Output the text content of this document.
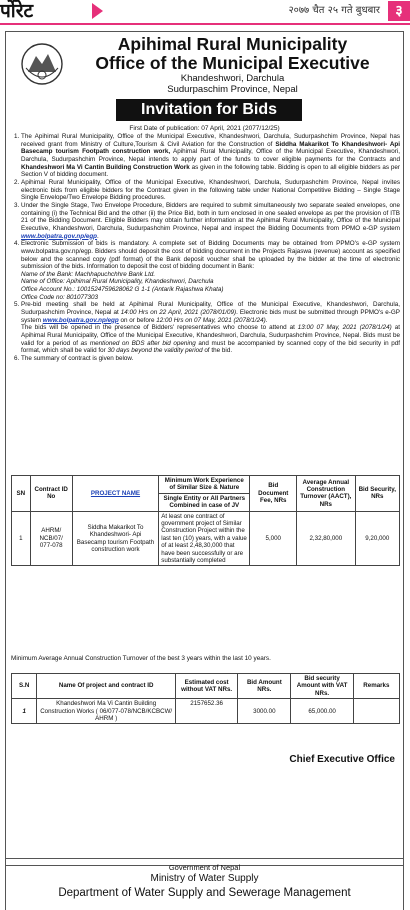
र्पोरेट	२०७७ चैत २५ गते बुधबार	३
Apihimal Rural Municipality
Office of the Municipal Executive
Khandeshwori, Darchula
Sudurpaschim Province, Nepal
Invitation for Bids
First Date of publication: 07 April, 2021 (2077/12/25)
1. The Apihimal Rural Municipality, Office of the Municipal Executive, Khandeshwori, Darchula, Sudurpashchim Province, Nepal has received grant from Ministry of Culture,Tourism & Civil Aviation for the Construction of Siddha Makarikot To Khandeshwori- Api Basecamp tourism Footpath construction work, Apihimal Rural Municipality, Office of the Municipal Executive, Khandeshwori, Darchula, Sudurpashchim Province, Nepal intends to apply part of the funds to cover eligible payments for the Contracts and Khandeshwori Ma Vi Cantin Building Construction Work as given in the following table. Bidding is open to all eligible bidders as per Section V of bidding document.
2. Apihimal Rural Municipality, Office of the Municipal Executive, Khandeshwori, Darchula, Sudurpashchim Province, Nepal invites electronic bids from eligible bidders for the Contract given in the following table under National Competitive Bidding – Single Stage Single Envelope/Two Envelope Bidding procedures.
3. Under the Single Stage, Two Envelope Procedure, Bidders are required to submit simultaneously two separate sealed envelopes, one containing (i) the Technical Bid and the other (ii) the Price Bid, both in turn enclosed in one sealed envelope as per the provision of ITB 21 of the Bidding Document. Eligible Bidders may obtain further information at the Apihimal Rural Municipality, Office of the Municipal Executive, Khandeshwori, Darchula, Sudurpashchim Province, Nepal and inspect the Bidding Documents from PPMO e-GP system www.bolpatra.gov.np/egp.
4. Electronic Submission of bids is mandatory. A complete set of Bidding Documents may be obtained from PPMO's e-GP system www.bolpatra.gov.np/egp. Bidders should deposit the cost of bidding document in the Projects Rajaswa (revenue) account as specified below and the scanned copy (pdf format) of the Bank deposit voucher shall be uploaded by the bidder at the time of electronic submission of the bids. Information to deposit the cost of bidding document in Bank:

Name of the Bank: Machhapuchchhre Bank Ltd.

Name of Office: Apihimal Rural Municipality, Khandeshwori, Darchula

Office Account No.: 1001524759628062 G 1-1 (Antarik Rajashwa Khata)

Office Code no: 801077303

5. Pre-bid meeting shall be held at Apihimal Rural Municipality, Office of the Municipal Executive, Khandeshwori, Darchula, Sudurpashchim Province, Nepal at 14:00 Hrs on 22 April, 2021 (2078/01/09). Electronic bids must be submitted through PPMO's e-GP system www.bolpatra.gov.np/egp on or before 12:00 Hrs on 07 May, 2021 (2078/1/24).

The bids will be opened in the presence of Bidders' representatives who choose to attend at 13:00 07 May, 2021 (2078/1/24) at Apihimal Rural Municipality, Office of the Municipal Executive, Khandeshwori, Darchula, Sudurpashchim Province, Nepal. Bids must be valid for a period of as mentioned on BDS after bid opening and must be accompanied by scanned copy of the bid security in pdf format, which shall be valid for 30 days beyond the validity period of the bid.

6. The summary of contract is given below.
SN	Contract ID No	PROJECT NAME	Minimum Work Experience of Similar Size & Nature	Bid Document Fee, NRs	Average Annual Construction Turnover (AACT), NRs	Bid Security, NRs
			Single Entity or All Partners Combined in case of JV			
1	AHRM/ NCB/07/ 077-078	Siddha Makarikot To Khandeshwori- Api Basecamp tourism Footpath construction work	At least one contract of government project of Similar Construction Project within the last ten (10) years, with a value of at least 2,48,30,000 that have been successfully or are substantially completed	5,000	2,32,80,000	9,20,000
Minimum Average Annual Construction Turnover of the best 3 years within the last 10 years.
S.N	Name Of project and contract ID	Estimated cost without VAT NRs.	Bid Amount NRs.	Bid security Amount with VAT NRs.	Remarks
1	Khandeshwori Ma Vi Cantin Building Construction Works ( 06/077-078/NCB/KCBCW/ AHRM )	2157652.36	3000.00	65,000.00	
Chief Executive Office
Government of Nepal
Ministry of Water Supply
Department of Water Supply and Sewerage Management
